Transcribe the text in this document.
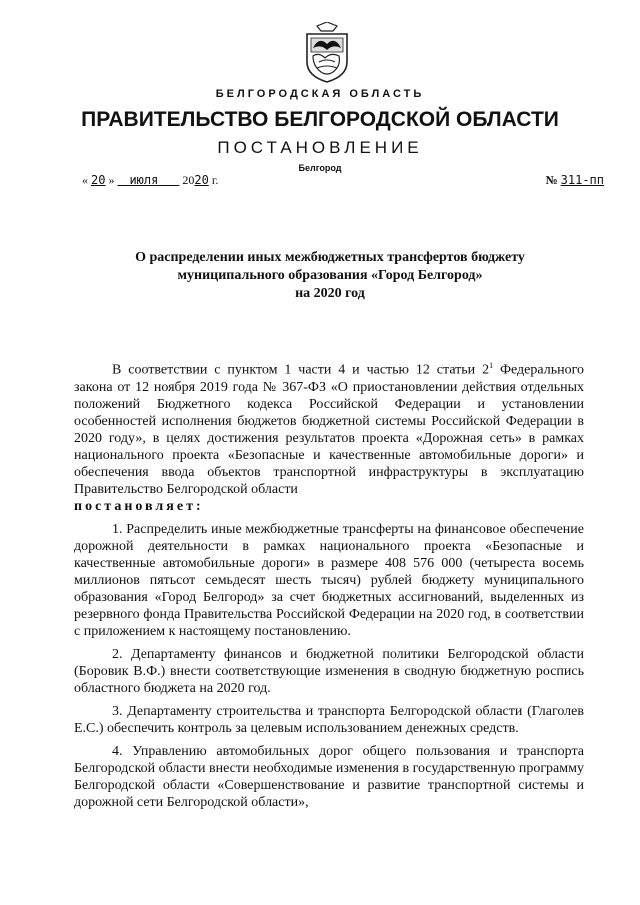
БЕЛГОРОДСКАЯ ОБЛАСТЬ
ПРАВИТЕЛЬСТВО БЕЛГОРОДСКОЙ ОБЛАСТИ
ПОСТАНОВЛЕНИЕ
Белгород
« 20 » июля 2020 г.	№ 311-пп
О распределении иных межбюджетных трансфертов бюджету
муниципального образования «Город Белгород»
на 2020 год

В соответствии с пунктом 1 части 4 и частью 12 статьи $2^1$ Федерального закона от 12 ноября 2019 года № 367-ФЗ «О приостановлении действия отдельных положений Бюджетного кодекса Российской Федерации и установлении особенностей исполнения бюджетов бюджетной системы Российской Федерации в 2020 году», в целях достижения результатов проекта «Дорожная сеть» в рамках национального проекта «Безопасные и качественные автомобильные дороги» и обеспечения ввода объектов транспортной инфраструктуры в эксплуатацию Правительство Белгородской области

постановляет:

1. Распределить иные межбюджетные трансферты на финансовое обеспечение дорожной деятельности в рамках национального проекта «Безопасные и качественные автомобильные дороги» в размере 408 576 000 (четыреста восемь миллионов пятьсот семьдесят шесть тысяч) рублей бюджету муниципального образования «Город Белгород» за счет бюджетных ассигнований, выделенных из резервного фонда Правительства Российской Федерации на 2020 год, в соответствии с приложением к настоящему постановлению.

2. Департаменту финансов и бюджетной политики Белгородской области (Боровик В.Ф.) внести соответствующие изменения в сводную бюджетную роспись областного бюджета на 2020 год.

3. Департаменту строительства и транспорта Белгородской области (Глаголев Е.С.) обеспечить контроль за целевым использованием денежных средств.

4. Управлению автомобильных дорог общего пользования и транспорта Белгородской области внести необходимые изменения в государственную программу Белгородской области «Совершенствование и развитие транспортной системы и дорожной сети Белгородской области»,
